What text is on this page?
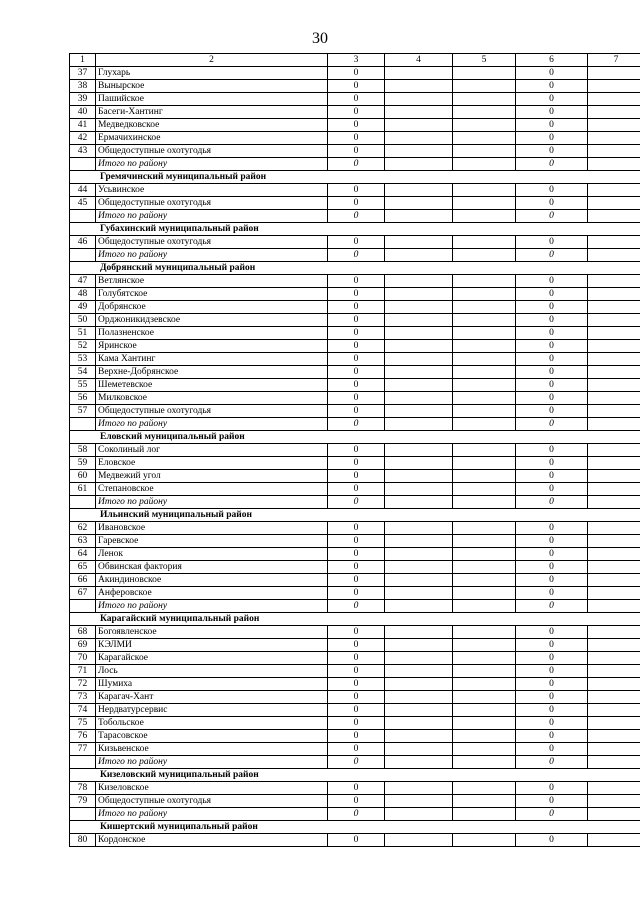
30
1	2	3	4	5	6	7
37	Глухарь	0			0	
38	Вынырское	0			0	
39	Пашийское	0			0	
40	Басеги-Хантинг	0			0	
41	Медведковское	0			0	
42	Ермачихинское	0			0	
43	Общедоступные охотугодья	0			0	
	Итого по району	0			0	
Гремячинский муниципальный район						
44	Усьвинское	0			0	
45	Общедоступные охотугодья	0			0	
	Итого по району	0			0	
Губахинский муниципальный район						
46	Общедоступные охотугодья	0			0	
	Итого по району	0			0	
Добрянский муниципальный район						
47	Ветлянское	0			0	
48	Голубятское	0			0	
49	Добрянское	0			0	
50	Орджоникидзевское	0			0	
51	Полазненское	0			0	
52	Яринское	0			0	
53	Кама Хантинг	0			0	
54	Верхне-Добрянское	0			0	
55	Шеметевское	0			0	
56	Милковское	0			0	
57	Общедоступные охотугодья	0			0	
	Итого по району	0			0	
Еловский муниципальный район						
58	Соколиный лог	0			0	
59	Еловское	0			0	
60	Медвежий угол	0			0	
61	Степановское	0			0	
	Итого по району	0			0	
Ильинский муниципальный район						
62	Ивановское	0			0	
63	Гаревское	0			0	
64	Ленок	0			0	
65	Обвинская фактория	0			0	
66	Акиндиновское	0			0	
67	Анферовское	0			0	
	Итого по району	0			0	
Карагайский муниципальный район						
68	Богоявленское	0			0	
69	КЭЛМИ	0			0	
70	Карагайское	0			0	
71	Лось	0			0	
72	Шумиха	0			0	
73	Карагач-Хант	0			0	
74	Нердватурсервис	0			0	
75	Тобольское	0			0	
76	Тарасовское	0			0	
77	Кизьвенское	0			0	
	Итого по району	0			0	
Кизеловский муниципальный район						
78	Кизеловское	0			0	
79	Общедоступные охотугодья	0			0	
	Итого по району	0			0	
Кишертский муниципальный район						
80	Кордонское	0			0	
